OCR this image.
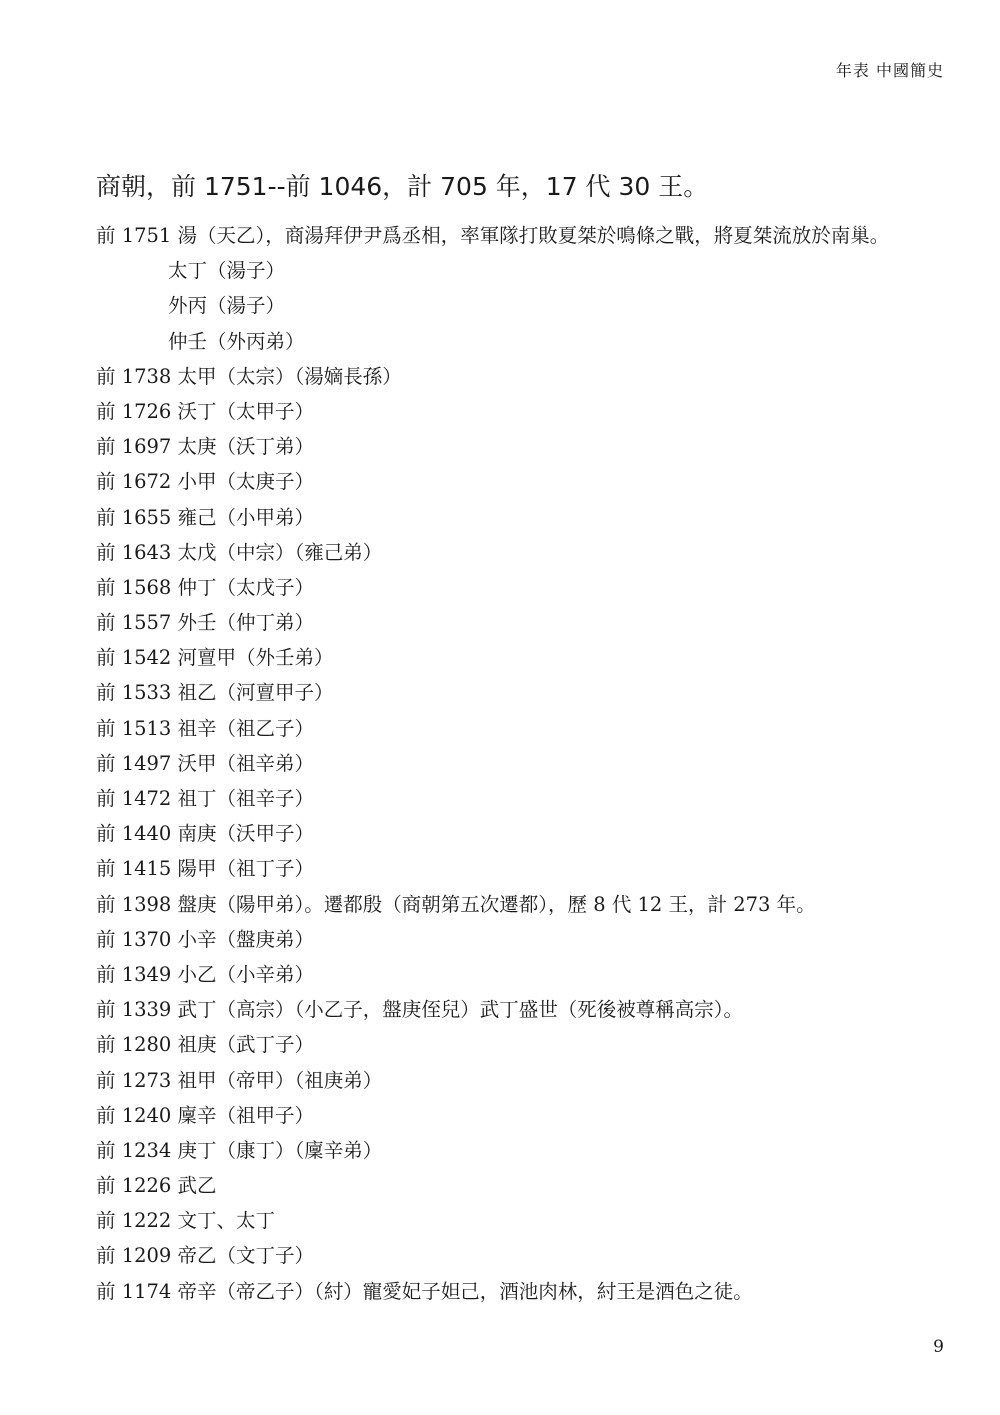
年表 中國簡史
商朝，前 1751--前 1046，計 705 年，17 代 30 王。
前 1751 湯（天乙），商湯拜伊尹爲丞相，率軍隊打敗夏桀於鳴條之戰，將夏桀流放於南巢。
太丁（湯子）
外丙（湯子）
仲壬（外丙弟）
前 1738 太甲（太宗）（湯嫡長孫）
前 1726 沃丁（太甲子）
前 1697 太庚（沃丁弟）
前 1672 小甲（太庚子）
前 1655 雍己（小甲弟）
前 1643 太戊（中宗）（雍己弟）
前 1568 仲丁（太戊子）
前 1557 外壬（仲丁弟）
前 1542 河亶甲（外壬弟）
前 1533 祖乙（河亶甲子）
前 1513 祖辛（祖乙子）
前 1497 沃甲（祖辛弟）
前 1472 祖丁（祖辛子）
前 1440 南庚（沃甲子）
前 1415 陽甲（祖丁子）
前 1398 盤庚（陽甲弟）。遷都殷（商朝第五次遷都），歷 8 代 12 王，計 273 年。
前 1370 小辛（盤庚弟）
前 1349 小乙（小辛弟）
前 1339 武丁（高宗）（小乙子，盤庚侄兒）武丁盛世（死後被尊稱高宗）。
前 1280 祖庚（武丁子）
前 1273 祖甲（帝甲）（祖庚弟）
前 1240 廩辛（祖甲子）
前 1234 庚丁（康丁）（廩辛弟）
前 1226 武乙
前 1222 文丁、太丁
前 1209 帝乙（文丁子）
前 1174 帝辛（帝乙子）（紂）寵愛妃子妲己，酒池肉林，紂王是酒色之徒。
9
